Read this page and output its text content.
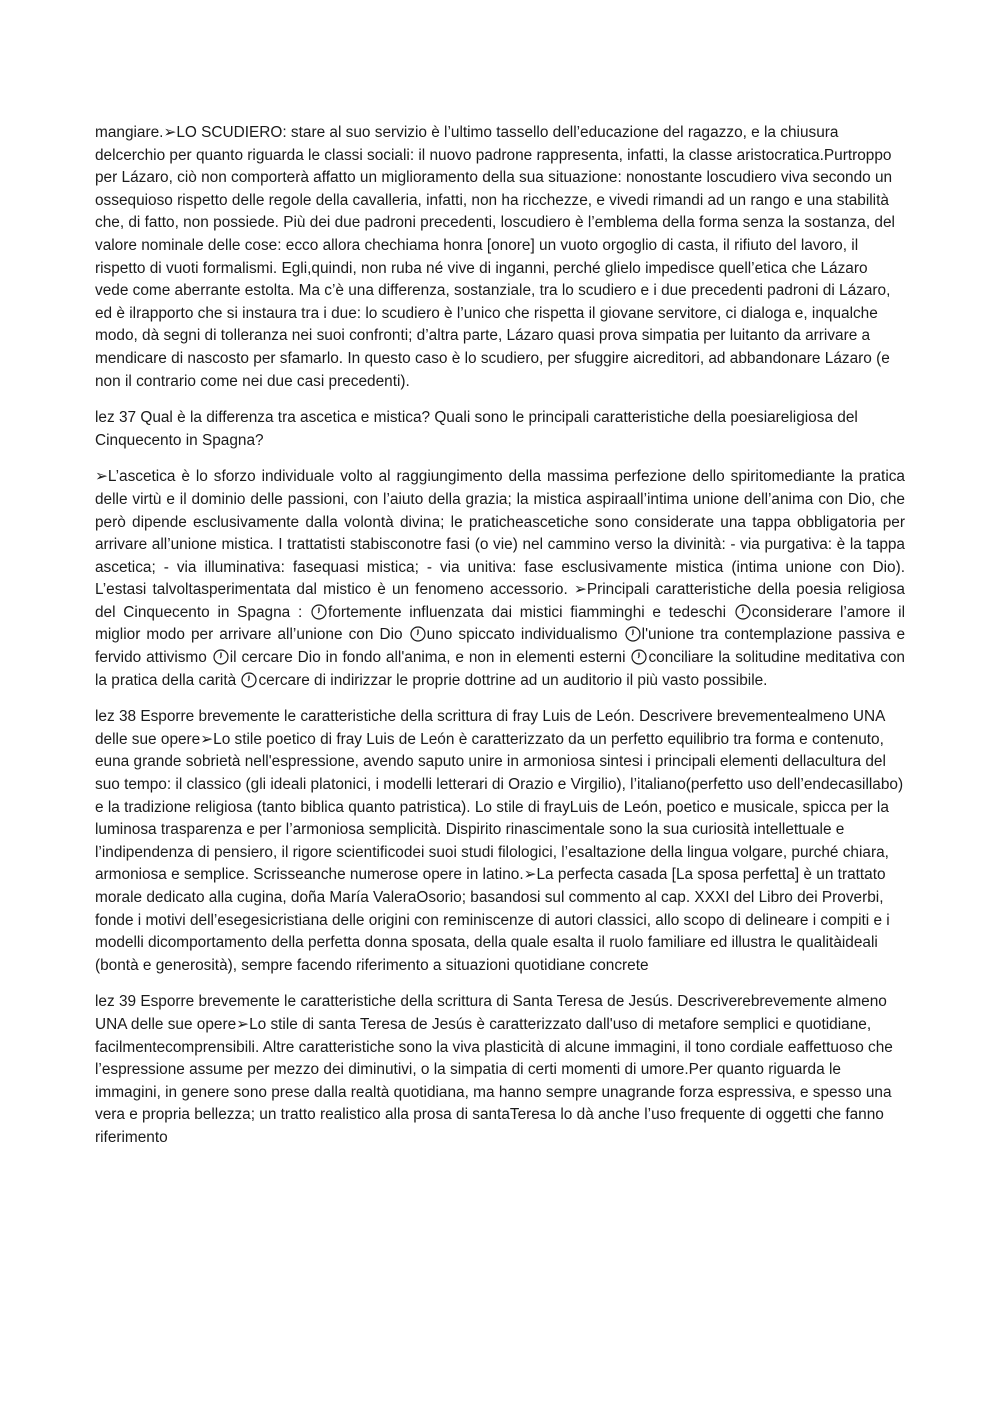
mangiare.➢LO SCUDIERO: stare al suo servizio è l’ultimo tassello dell’educazione del ragazzo, e la chiusura delcerchio per quanto riguarda le classi sociali: il nuovo padrone rappresenta, infatti, la classe aristocratica.Purtroppo per Lázaro, ciò non comporterà affatto un miglioramento della sua situazione: nonostante loscudiero viva secondo un ossequioso rispetto delle regole della cavalleria, infatti, non ha ricchezze, e vivedi rimandi ad un rango e una stabilità che, di fatto, non possiede. Più dei due padroni precedenti, loscudiero è l’emblema della forma senza la sostanza, del valore nominale delle cose: ecco allora chechiama honra [onore] un vuoto orgoglio di casta, il rifiuto del lavoro, il rispetto di vuoti formalismi. Egli,quindi, non ruba né vive di inganni, perché glielo impedisce quell’etica che Lázaro vede come aberrante estolta. Ma c’è una differenza, sostanziale, tra lo scudiero e i due precedenti padroni di Lázaro, ed è ilrapporto che si instaura tra i due: lo scudiero è l’unico che rispetta il giovane servitore, ci dialoga e, inqualche modo, dà segni di tolleranza nei suoi confronti; d’altra parte, Lázaro quasi prova simpatia per luitanto da arrivare a mendicare di nascosto per sfamarlo. In questo caso è lo scudiero, per sfuggire aicreditori, ad abbandonare Lázaro (e non il contrario come nei due casi precedenti).

lez 37 Qual è la differenza tra ascetica e mistica? Quali sono le principali caratteristiche della poesiareligiosa del Cinquecento in Spagna?

➢L’ascetica è lo sforzo individuale volto al raggiungimento della massima perfezione dello spiritomediante la pratica delle virtù e il dominio delle passioni, con l’aiuto della grazia; la mistica aspiraall’intima unione dell’anima con Dio, che però dipende esclusivamente dalla volontà divina; le praticheascetiche sono considerate una tappa obbligatoria per arrivare all’unione mistica. I trattatisti stabisconotre fasi (o vie) nel cammino verso la divinità: - via purgativa: è la tappa ascetica; - via illuminativa: fasequasi mistica; - via unitiva: fase esclusivamente mistica (intima unione con Dio). L’estasi talvoltasperimentata dal mistico è un fenomeno accessorio. ➢Principali caratteristiche della poesia religiosa del Cinquecento in Spagna : fortemente influenzata dai mistici fiamminghi e tedeschi considerare l’amore il miglior modo per arrivare all’unione con Dio uno spiccato individualismo l'unione tra contemplazione passiva e fervido attivismo il cercare Dio in fondo all'anima, e non in elementi esterni conciliare la solitudine meditativa con la pratica della carità cercare di indirizzar le proprie dottrine ad un auditorio il più vasto possibile.

lez 38 Esporre brevemente le caratteristiche della scrittura di fray Luis de León. Descrivere brevementealmeno UNA delle sue opere➢Lo stile poetico di fray Luis de León è caratterizzato da un perfetto equilibrio tra forma e contenuto, euna grande sobrietà nell'espressione, avendo saputo unire in armoniosa sintesi i principali elementi dellacultura del suo tempo: il classico (gli ideali platonici, i modelli letterari di Orazio e Virgilio), l’italiano(perfetto uso dell’endecasillabo) e la tradizione religiosa (tanto biblica quanto patristica). Lo stile di frayLuis de León, poetico e musicale, spicca per la luminosa trasparenza e per l’armoniosa semplicità. Dispirito rinascimentale sono la sua curiosità intellettuale e l’indipendenza di pensiero, il rigore scientificodei suoi studi filologici, l’esaltazione della lingua volgare, purché chiara, armoniosa e semplice. Scrisseanche numerose opere in latino.➢La perfecta casada [La sposa perfetta] è un trattato morale dedicato alla cugina, doña María ValeraOsorio; basandosi sul commento al cap. XXXI del Libro dei Proverbi, fonde i motivi dell’esegesicristiana delle origini con reminiscenze di autori classici, allo scopo di delineare i compiti e i modelli dicomportamento della perfetta donna sposata, della quale esalta il ruolo familiare ed illustra le qualitàideali (bontà e generosità), sempre facendo riferimento a situazioni quotidiane concrete

lez 39 Esporre brevemente le caratteristiche della scrittura di Santa Teresa de Jesús. Descriverebrevemente almeno UNA delle sue opere➢Lo stile di santa Teresa de Jesús è caratterizzato dall'uso di metafore semplici e quotidiane, facilmentecomprensibili. Altre caratteristiche sono la viva plasticità di alcune immagini, il tono cordiale eaffettuoso che l’espressione assume per mezzo dei diminutivi, o la simpatia di certi momenti di umore.Per quanto riguarda le immagini, in genere sono prese dalla realtà quotidiana, ma hanno sempre unagrande forza espressiva, e spesso una vera e propria bellezza; un tratto realistico alla prosa di santaTeresa lo dà anche l’uso frequente di oggetti che fanno riferimento
